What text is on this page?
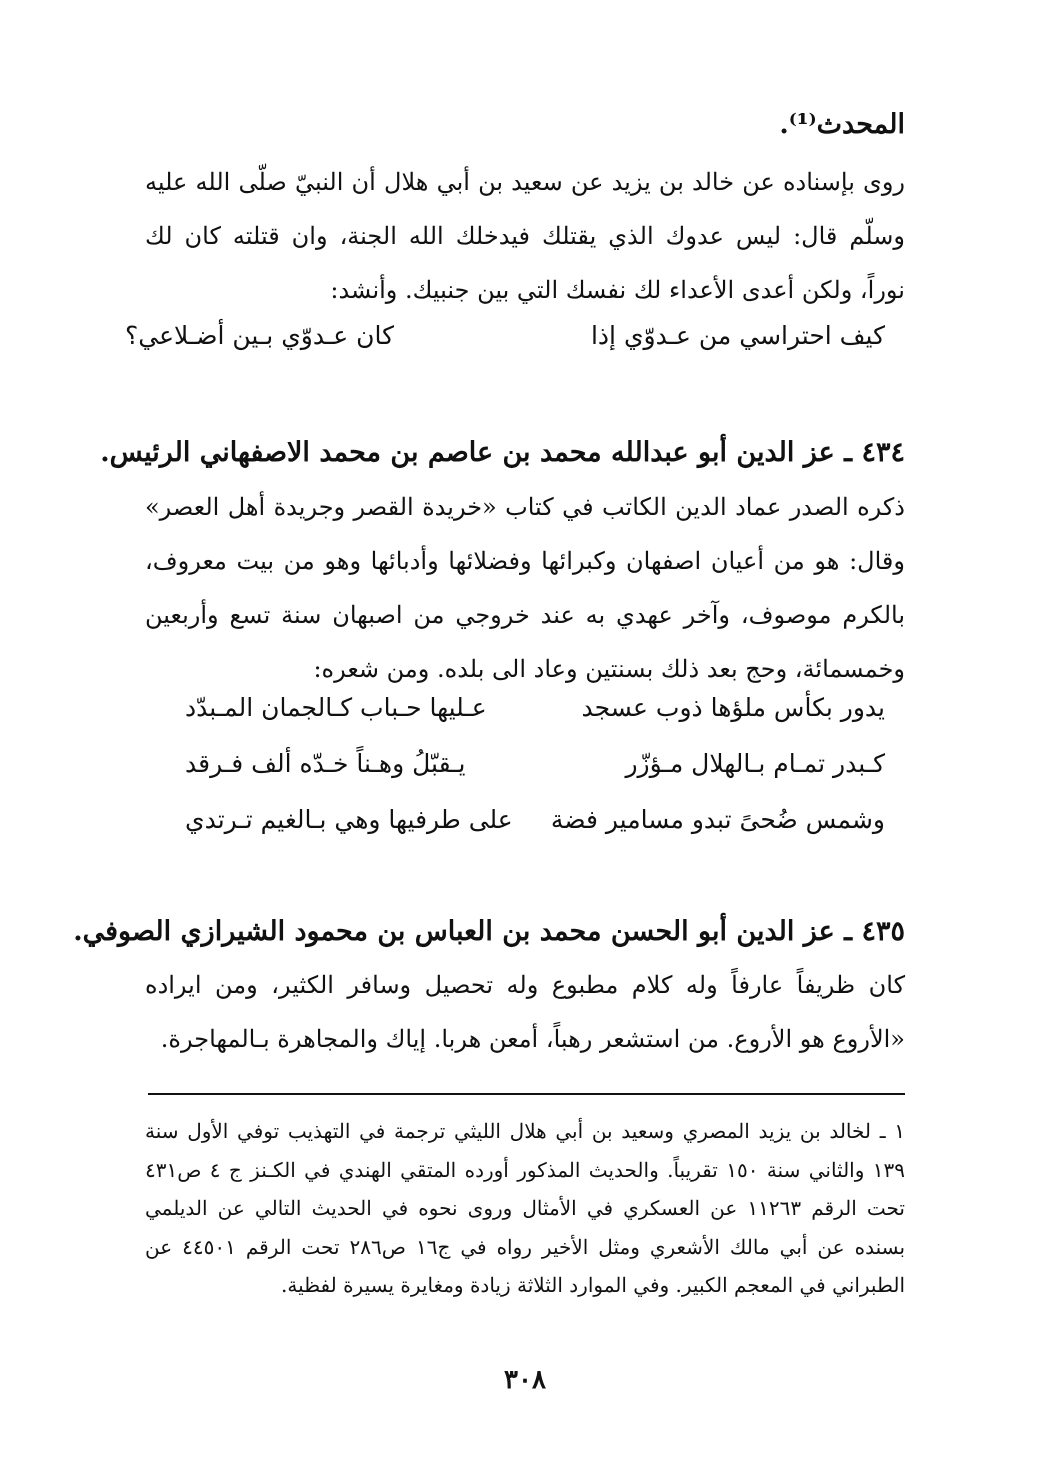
المحدث⁽¹⁾.

روى بإسناده عن خالد بن يزيد عن سعيد بن أبي هلال أن النبيّ صلّى الله عليه وسلّم قال: ليس عدوك الذي يقتلك فيدخلك الله الجنة، وان قتلته كان لك نوراً، ولكن أعدى الأعداء لك نفسك التي بين جنبيك. وأنشد:

كيف احتراسي من عـدوّي إذا
كان عـدوّي بـين أضـلاعي؟

٤٣٤ ـ عز الدين أبو عبدالله محمد بن عاصم بن محمد الاصفهاني الرئيس.

ذكره الصدر عماد الدين الكاتب في كتاب «خريدة القصر وجريدة أهل العصر» وقال: هو من أعيان اصفهان وكبرائها وفضلائها وأدبائها وهو من بيت معروف، بالكرم موصوف، وآخر عهدي به عند خروجي من اصبهان سنة تسع وأربعين وخمسمائة، وحج بعد ذلك بسنتين وعاد الى بلده. ومن شعره:

يدور بكأس ملؤها ذوب عسجد
عـليها حـباب كـالجمان المـبدّد
كـبدر تمـام بـالهلال مـؤزّر
يـقبّلُ وهـناً خـدّه ألف فـرقد
وشمس ضُحىً تبدو مسامير فضة
على طرفيها وهي بـالغيم تـرتدي

٤٣٥ ـ عز الدين أبو الحسن محمد بن العباس بن محمود الشيرازي الصوفي.

كان ظريفاً عارفاً وله كلام مطبوع وله تحصيل وسافر الكثير، ومن ايراده «الأروع هو الأروع. من استشعر رهباً، أمعن هربا. إياك والمجاهرة بـالمهاجرة.

١ ـ لخالد بن يزيد المصري وسعيد بن أبي هلال الليثي ترجمة في التهذيب توفي الأول سنة ١٣٩ والثاني سنة ١٥٠ تقريباً. والحديث المذكور أورده المتقي الهندي في الكـنز ج ٤ ص٤٣١ تحت الرقم ١١٢٦٣ عن العسكري في الأمثال وروى نحوه في الحديث التالي عن الديلمي بسنده عن أبي مالك الأشعري ومثل الأخير رواه في ج١٦ ص٢٨٦ تحت الرقم ٤٤٥٠١ عن الطبراني في المعجم الكبير. وفي الموارد الثلاثة زيادة ومغايرة يسيرة لفظية.

٣٠٨
